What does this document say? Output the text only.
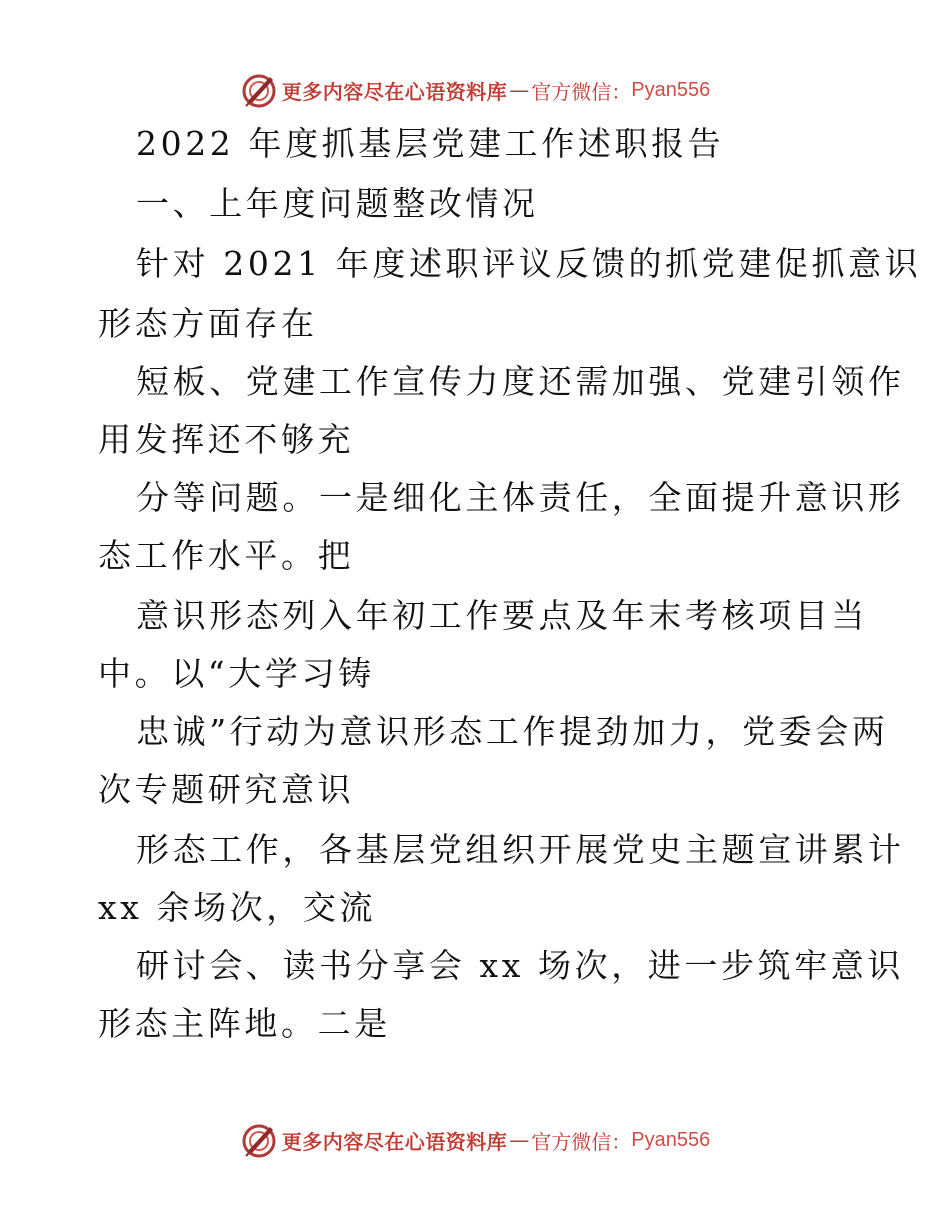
更多内容尽在心语资料库 — 官方微信： Pyan556
2022 年度抓基层党建工作述职报告
一、上年度问题整改情况
针对 2021 年度述职评议反馈的抓党建促抓意识
形态方面存在
短板、党建工作宣传力度还需加强、党建引领作
用发挥还不够充
分等问题。一是细化主体责任，全面提升意识形
态工作水平。把
意识形态列入年初工作要点及年末考核项目当
中。以“大学习铸
忠诚”行动为意识形态工作提劲加力，党委会两
次专题研究意识
形态工作，各基层党组织开展党史主题宣讲累计
xx 余场次，交流
研讨会、读书分享会 xx 场次，进一步筑牢意识
形态主阵地。二是
更多内容尽在心语资料库 — 官方微信： Pyan556
